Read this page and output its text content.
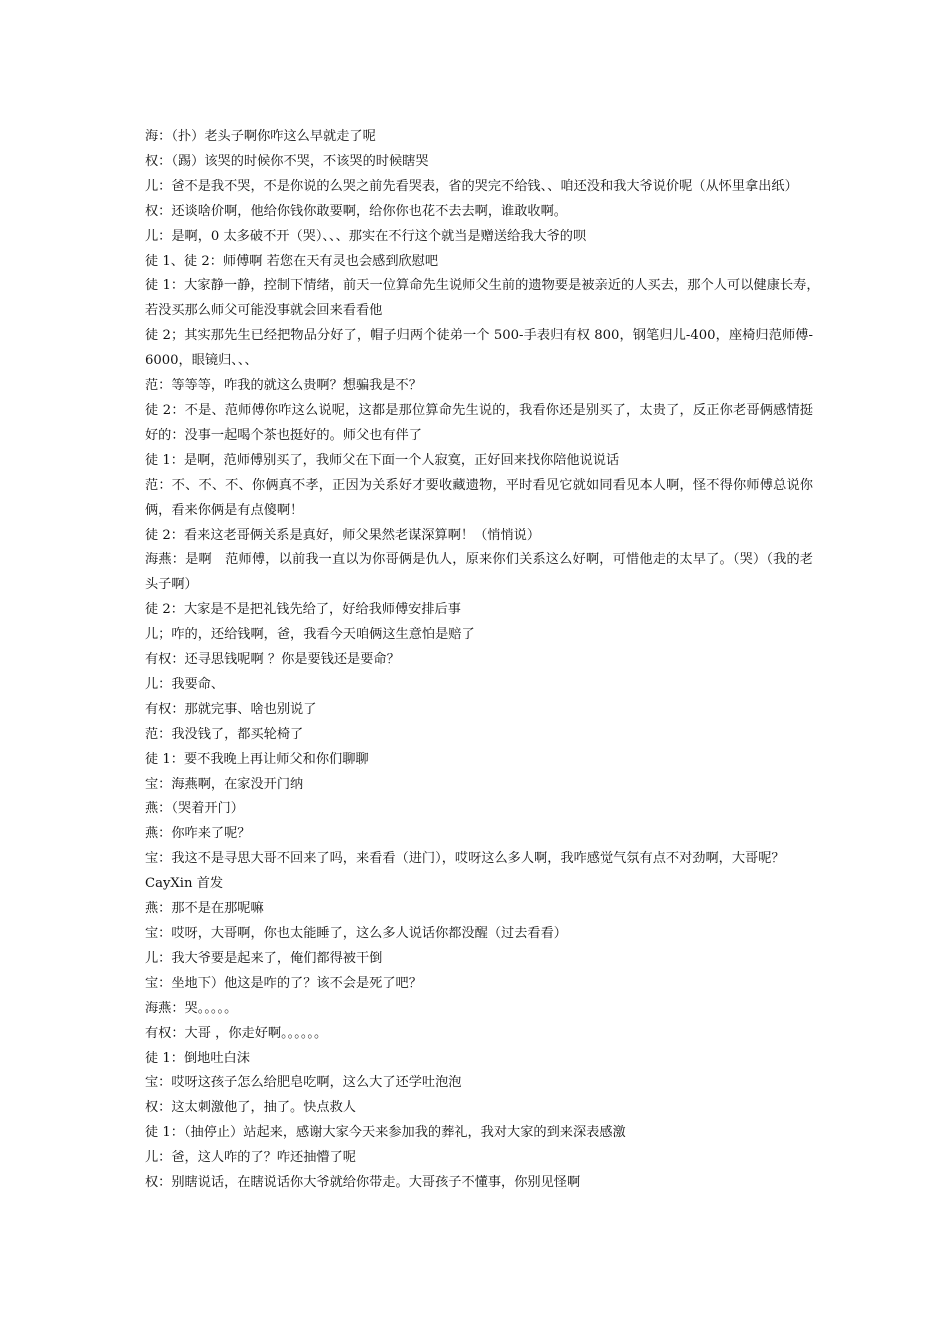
海：（扑）老头子啊你咋这么早就走了呢

权：（踢）该哭的时候你不哭，不该哭的时候瞎哭

儿：爸不是我不哭，不是你说的么哭之前先看哭表，省的哭完不给钱、、咱还没和我大爷说价呢（从怀里拿出纸）

权：还谈啥价啊，他给你钱你敢要啊，给你你也花不去去啊，谁敢收啊。

儿：是啊，0 太多破不开（哭）、、、那实在不行这个就当是赠送给我大爷的呗

徒 1、徒 2：师傅啊 若您在天有灵也会感到欣慰吧

徒 1：大家静一静，控制下情绪，前天一位算命先生说师父生前的遗物要是被亲近的人买去，那个人可以健康长寿，　若没买那么师父可能没事就会回来看看他

徒 2；其实那先生已经把物品分好了，帽子归两个徒弟一个 500-手表归有权 800，钢笔归儿-400，座椅归范师傅-6000，眼镜归、、、

范：等等等，咋我的就这么贵啊？想骗我是不？

徒 2：不是、范师傅你咋这么说呢，这都是那位算命先生说的，我看你还是别买了，太贵了，反正你老哥俩感情挺好的：没事一起喝个茶也挺好的。师父也有伴了

徒 1：是啊，范师傅别买了，我师父在下面一个人寂寞，正好回来找你陪他说说话

范：不、不、不、你俩真不孝，正因为关系好才要收藏遗物，平时看见它就如同看见本人啊，怪不得你师傅总说你俩，看来你俩是有点傻啊！

徒 2：看来这老哥俩关系是真好，师父果然老谋深算啊！（悄悄说）

海燕：是啊　范师傅，以前我一直以为你哥俩是仇人，原来你们关系这么好啊，可惜他走的太早了。（哭）（我的老头子啊）

徒 2：大家是不是把礼钱先给了，好给我师傅安排后事

儿；咋的，还给钱啊，爸，我看今天咱俩这生意怕是赔了

有权：还寻思钱呢啊 ？你是要钱还是要命？

儿：我要命、

有权：那就完事、啥也别说了

范：我没钱了，都买轮椅了

徒 1：要不我晚上再让师父和你们聊聊

宝：海燕啊，在家没开门纳

燕：（哭着开门）

燕：你咋来了呢？

宝：我这不是寻思大哥不回来了吗，来看看（进门），哎呀这么多人啊，我咋感觉气氛有点不对劲啊，大哥呢？

CayXin 首发

燕：那不是在那呢嘛

宝：哎呀，大哥啊，你也太能睡了，这么多人说话你都没醒（过去看看）

儿：我大爷要是起来了，俺们都得被干倒

宝：坐地下）他这是咋的了？该不会是死了吧？

海燕：哭。。。。。

有权：大哥 ，你走好啊。。。。。。

徒 1：倒地吐白沫

宝：哎呀这孩子怎么给肥皂吃啊，这么大了还学吐泡泡

权：这太刺激他了，抽了。快点救人

徒 1：（抽停止）站起来，感谢大家今天来参加我的葬礼，我对大家的到来深表感激

儿：爸，这人咋的了？咋还抽懵了呢

权：别瞎说话，在瞎说话你大爷就给你带走。大哥孩子不懂事，你别见怪啊
